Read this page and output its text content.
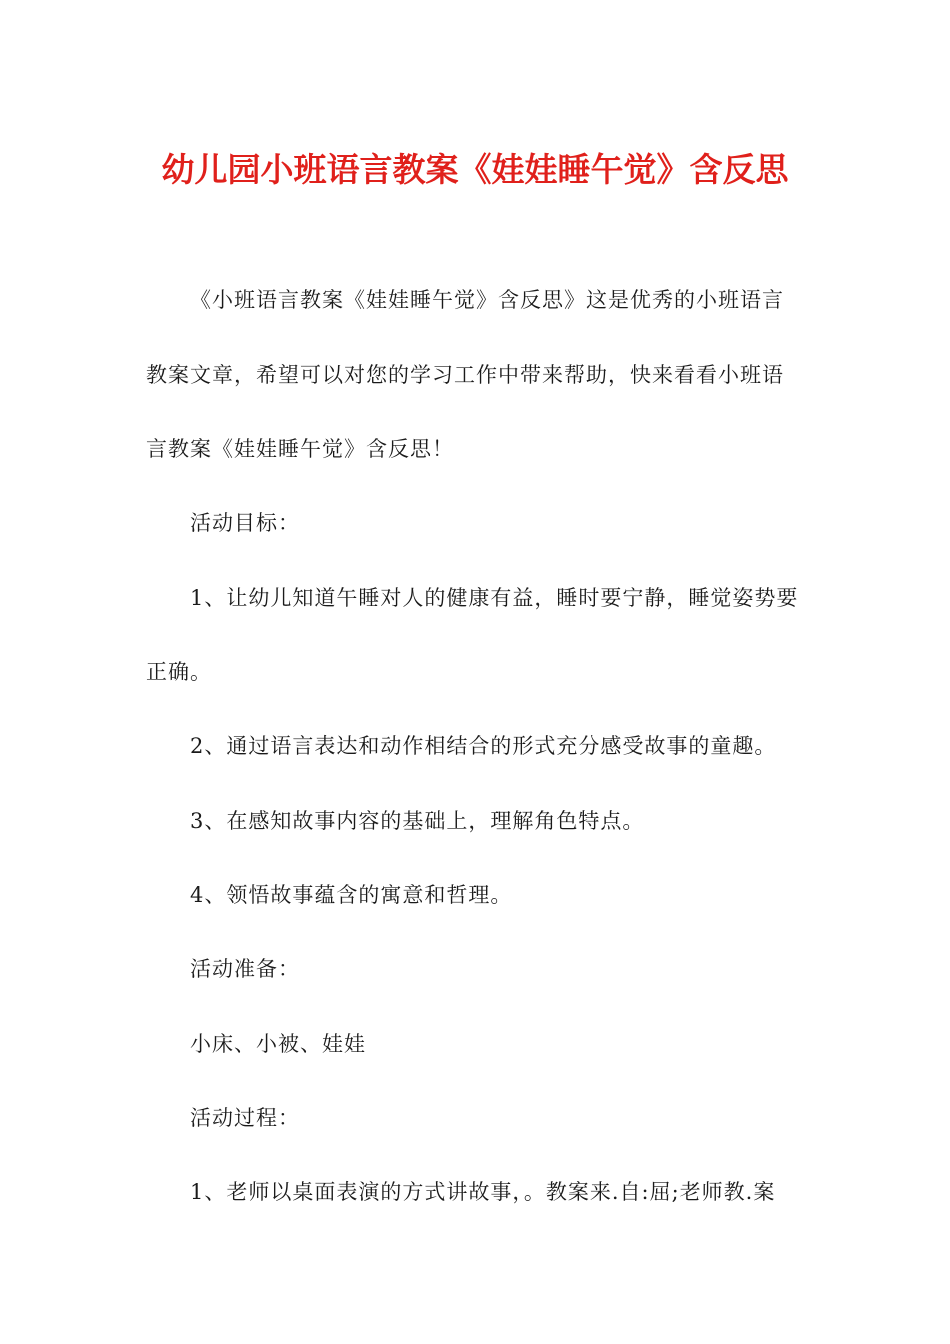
幼儿园小班语言教案《娃娃睡午觉》含反思
《小班语言教案《娃娃睡午觉》含反思》这是优秀的小班语言
教案文章，希望可以对您的学习工作中带来帮助，快来看看小班语
言教案《娃娃睡午觉》含反思！
活动目标：
1、让幼儿知道午睡对人的健康有益，睡时要宁静，睡觉姿势要
正确。
2、通过语言表达和动作相结合的形式充分感受故事的童趣。
3、在感知故事内容的基础上，理解角色特点。
4、领悟故事蕴含的寓意和哲理。
活动准备：
小床、小被、娃娃
活动过程：
1、老师以桌面表演的方式讲故事，。教案来.自:屈;老师教.案
